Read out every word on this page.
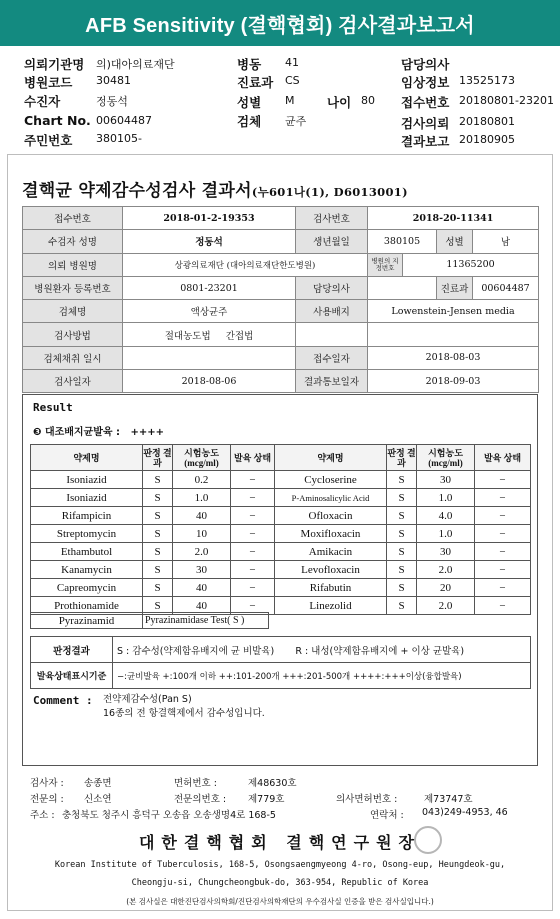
AFB Sensitivity (결핵협회) 검사결과보고서
의뢰기관명 의)대아의료재단
병원코드 30481
수진자	정동석
Chart No. 00604487
주민번호 380105-
병동 41
진료과 CS
성별 M	나이 80
검체 균주
담당의사
임상정보 13525173
접수번호 20180801-23201
검사의뢰 20180801
결과보고 20180905
결핵균 약제감수성검사 결과서(누601나(1), D6013001)
접수번호	2018-01-2-19353	검사번호	2018-20-11341			
수검자 성명	정동석	생년월일	380105		성별	남
의뢰 병원명	상광의료재단 (대아의료재단한도병원)		병원의 지정번호	11365200		
병원환자 등록번호	0801-23201	담당의사			진료과	00604487
검체명	액상균주	사용배지	Lowenstein-Jensen media			
검사방법	절대농도법 간접법					
검체채취 일시		접수일자	2018-08-03			
검사일자	2018-08-06	결과통보일자	2018-09-03			
Result
❸ 대조배지균발육 : ++++
약제명	판정 결과	시험농도 (mcg/ml)	발육 상태	약제명	판정 결과	시험농도 (mcg/ml)	발육 상태
Isoniazid	S	0.2	−	Cycloserine	S	30	−
Isoniazid	S	1.0	−	P-Aminosalicylic Acid	S	1.0	−
Rifampicin	S	40	−	Ofloxacin	S	4.0	−
Streptomycin	S	10	−	Moxifloxacin	S	1.0	−
Ethambutol	S	2.0	−	Amikacin	S	30	−
Kanamycin	S	30	−	Levofloxacin	S	2.0	−
Capreomycin	S	40	−	Rifabutin	S	20	−
Prothionamide	S	40	−	Linezolid	S	2.0	−
Pyrazinamid	Pyrazinamidase Test( S )
판정결과	S : 감수성(약제함유배지에 균 비발육) R : 내성(약제함유배지에 + 이상 균발육)
발육상태표시기준	−:균비발육 +:100개 이하 ++:101-200개 +++:201-500개 ++++:+++이상(융합발육)
Comment : 전약제감수성(Pan S)
16종의 전 항결핵제에서 감수성입니다.
검사자 : 송종면	면허번호 :	제48630호
전문의 : 신소연	전문의번호 : 제779호	의사면허번호 :	제73747호
주소 : 충청북도 청주시 흥덕구 오송읍 오송생명4로 168-5	연락처 : 043)249-4953, 46
대한결핵협회 결핵연구원장
Korean Institute of Tuberculosis, 168-5, Osongsaengmyeong 4-ro, Osong-eup, Heungdeok-gu,
Cheongju-si, Chungcheongbuk-do, 363-954, Republic of Korea
(본 검사실은 대한진단검사의학회/진단검사의학재단의 우수검사실 인증을 받은 검사실입니다.)
